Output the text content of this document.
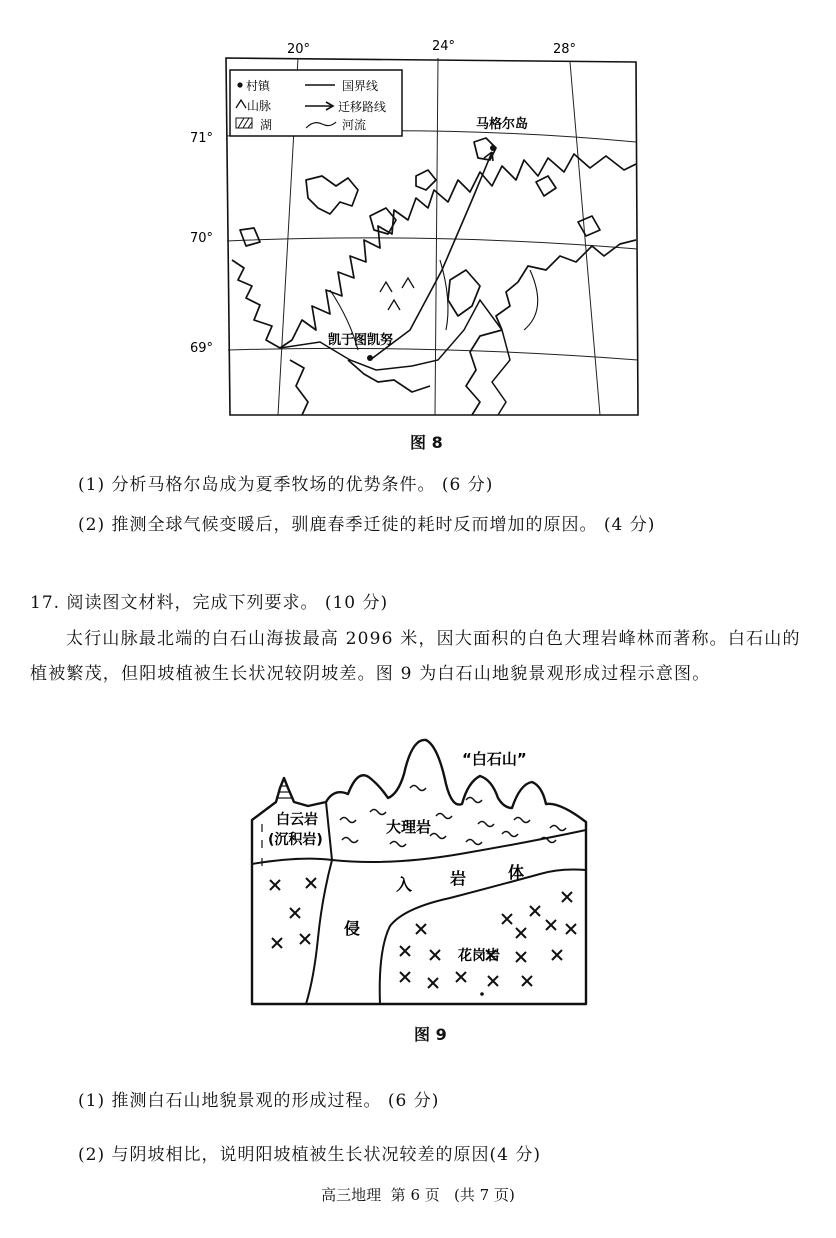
20°	24°	28°
71°
70°
69°
马格尔岛
凯于图凯努
村镇
山脉
湖
国界线
迁移路线
河流
图 8
(1) 分析马格尔岛成为夏季牧场的优势条件。 (6 分)
(2) 推测全球气候变暖后，驯鹿春季迁徙的耗时反而增加的原因。 (4 分)
17. 阅读图文材料，完成下列要求。 (10 分)
太行山脉最北端的白石山海拔最高 2096 米，因大面积的白色大理岩峰林而著称。白石山的植被繁茂，但阳坡植被生长状况较阴坡差。图 9 为白石山地貌景观形成过程示意图。
“白石山”
白云岩
(沉积岩)
大理岩
入 岩	体
侵
花岗岩
图 9
(1) 推测白石山地貌景观的形成过程。 (6 分)
(2) 与阴坡相比，说明阳坡植被生长状况较差的原因(4 分)
高三地理  第 6 页   (共 7 页)
